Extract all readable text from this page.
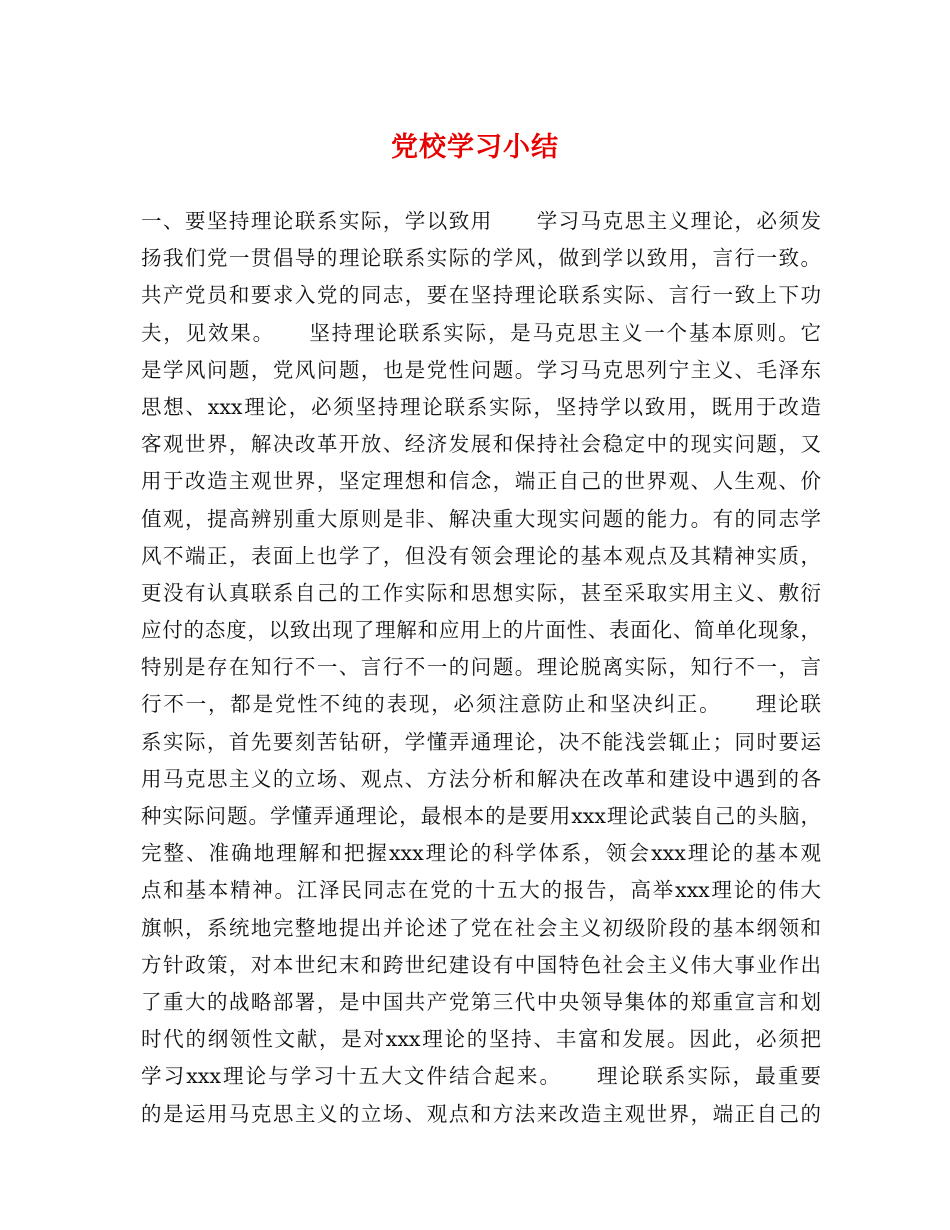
党校学习小结
一、要坚持理论联系实际，学以致用　　学习马克思主义理论，必须发
扬我们党一贯倡导的理论联系实际的学风，做到学以致用，言行一致。
共产党员和要求入党的同志，要在坚持理论联系实际、言行一致上下功
夫，见效果。　　坚持理论联系实际，是马克思主义一个基本原则。它
是学风问题，党风问题，也是党性问题。学习马克思列宁主义、毛泽东
思想、xxx理论，必须坚持理论联系实际，坚持学以致用，既用于改造
客观世界，解决改革开放、经济发展和保持社会稳定中的现实问题，又
用于改造主观世界，坚定理想和信念，端正自己的世界观、人生观、价
值观，提高辨别重大原则是非、解决重大现实问题的能力。有的同志学
风不端正，表面上也学了，但没有领会理论的基本观点及其精神实质，
更没有认真联系自己的工作实际和思想实际，甚至采取实用主义、敷衍
应付的态度，以致出现了理解和应用上的片面性、表面化、简单化现象，
特别是存在知行不一、言行不一的问题。理论脱离实际，知行不一，言
行不一，都是党性不纯的表现，必须注意防止和坚决纠正。　　理论联
系实际，首先要刻苦钻研，学懂弄通理论，决不能浅尝辄止；同时要运
用马克思主义的立场、观点、方法分析和解决在改革和建设中遇到的各
种实际问题。学懂弄通理论，最根本的是要用xxx理论武装自己的头脑，
完整、准确地理解和把握xxx理论的科学体系，领会xxx理论的基本观
点和基本精神。江泽民同志在党的十五大的报告，高举xxx理论的伟大
旗帜，系统地完整地提出并论述了党在社会主义初级阶段的基本纲领和
方针政策，对本世纪末和跨世纪建设有中国特色社会主义伟大事业作出
了重大的战略部署，是中国共产党第三代中央领导集体的郑重宣言和划
时代的纲领性文献，是对xxx理论的坚持、丰富和发展。因此，必须把
学习xxx理论与学习十五大文件结合起来。　　理论联系实际，最重要
的是运用马克思主义的立场、观点和方法来改造主观世界，端正自己的
